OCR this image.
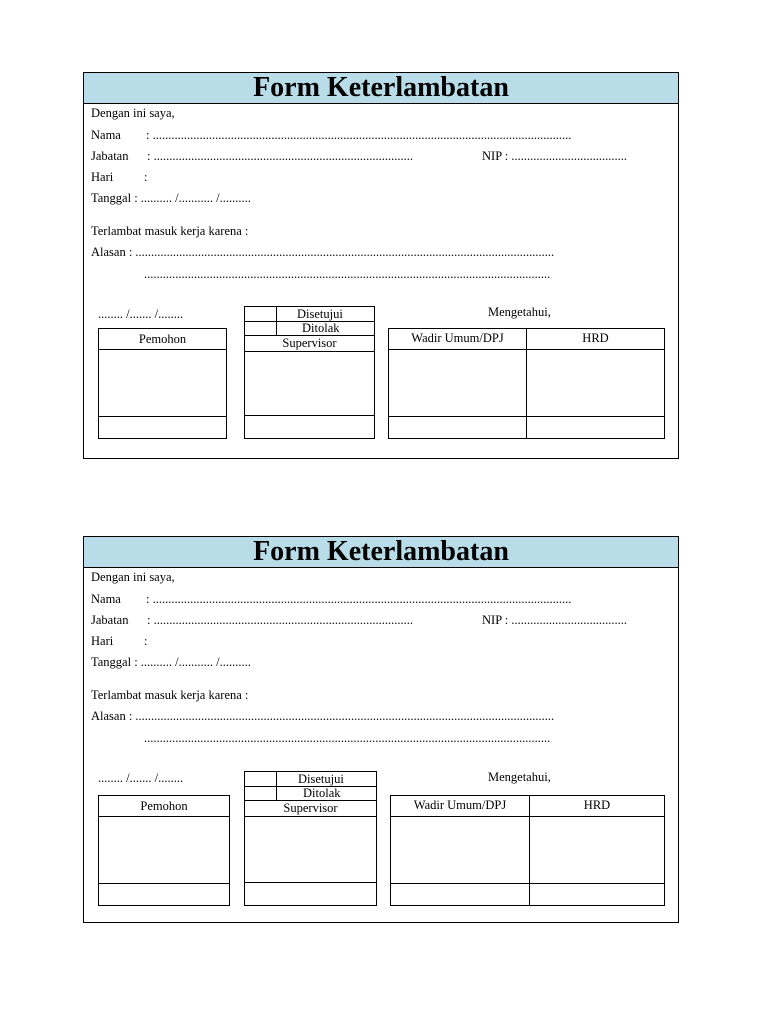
Form Keterlambatan
Dengan ini saya,
Nama : ......................................................................................................................................
Jabatan : ...................................................................................	NIP : .....................................
Hari :
Tanggal : .......... /........... /..........
Terlambat masuk kerja karena :
Alasan : ......................................................................................................................................
..................................................................................................................................
........ /....... /........
Pemohon
Disetujui
Ditolak
Supervisor
Mengetahui,
Wadir Umum/DPJ	HRD
Form Keterlambatan
Dengan ini saya,
Nama : ......................................................................................................................................
Jabatan : ...................................................................................	NIP : .....................................
Hari :
Tanggal : .......... /........... /..........
Terlambat masuk kerja karena :
Alasan : ......................................................................................................................................
..................................................................................................................................
........ /....... /........
Pemohon
Disetujui
Ditolak
Supervisor
Mengetahui,
Wadir Umum/DPJ	HRD
